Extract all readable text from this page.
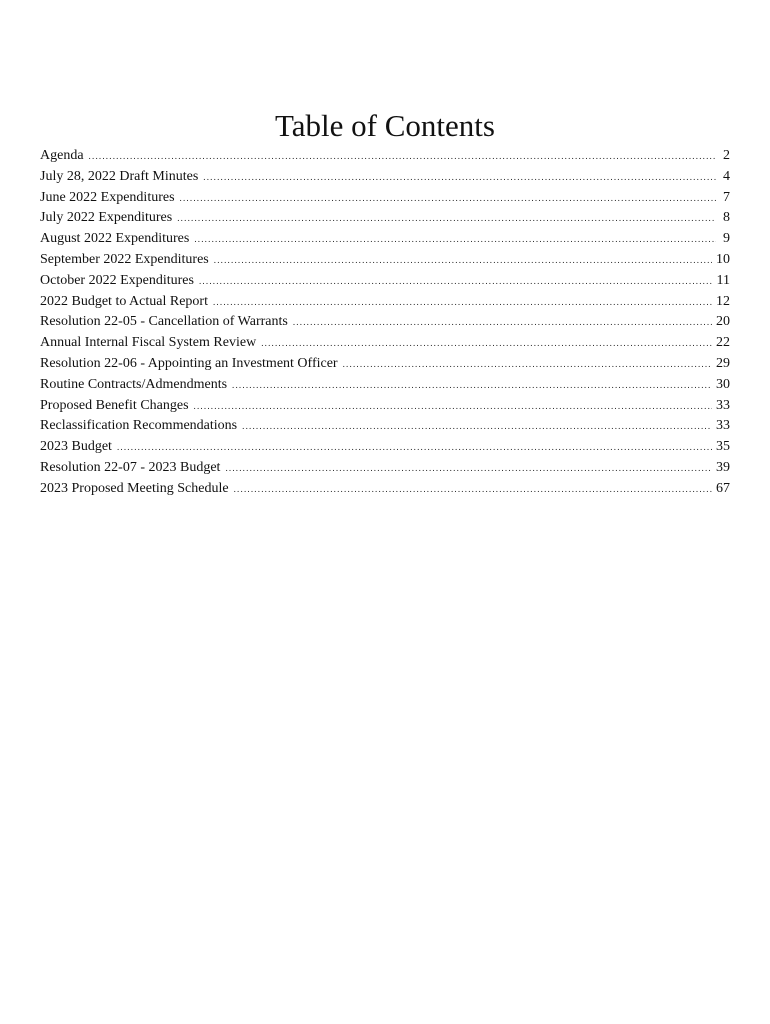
Table of Contents
Agenda .....	2
July 28, 2022 Draft Minutes .....	4
June 2022 Expenditures .....	7
July 2022 Expenditures .....	8
August 2022 Expenditures .....	9
September 2022 Expenditures .....	10
October 2022 Expenditures .....	11
2022 Budget to Actual Report .....	12
Resolution 22-05 - Cancellation of Warrants .....	20
Annual Internal Fiscal System Review .....	22
Resolution 22-06 - Appointing an Investment Officer .....	29
Routine Contracts/Admendments .....	30
Proposed Benefit Changes .....	33
Reclassification Recommendations .....	33
2023 Budget .....	35
Resolution 22-07 - 2023 Budget .....	39
2023 Proposed Meeting Schedule .....	67
